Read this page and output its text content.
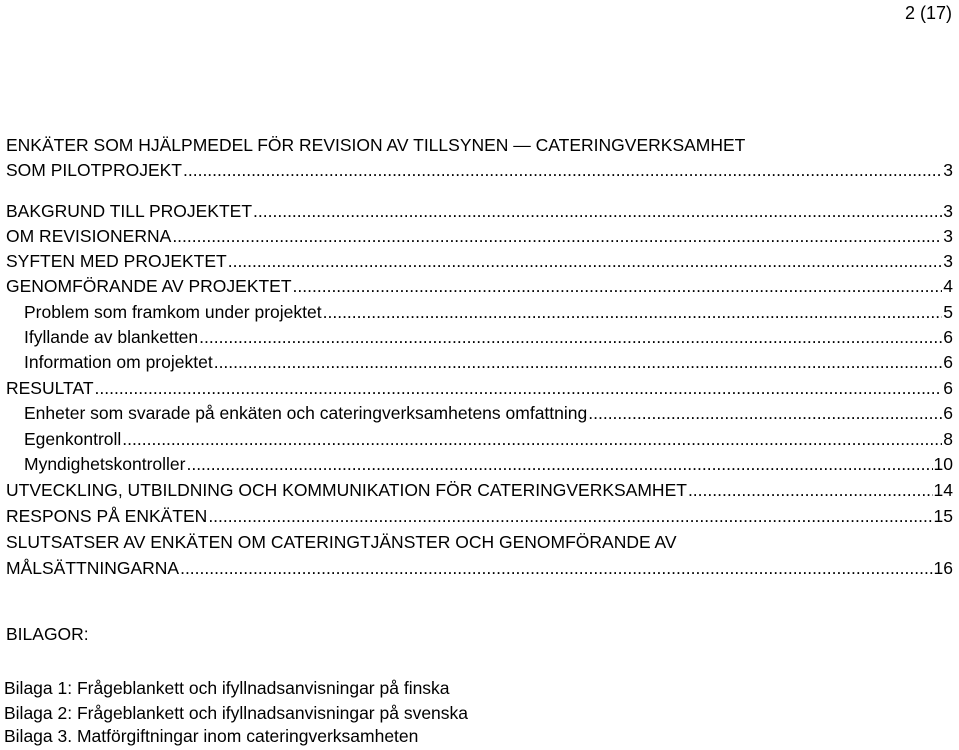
2 (17)
ENKÄTER SOM HJÄLPMEDEL FÖR REVISION AV TILLSYNEN — CATERINGVERKSAMHET
SOM PILOTPROJEKT .....	3
BAKGRUND TILL PROJEKTET .....	3
OM REVISIONERNA .....	3
SYFTEN MED PROJEKTET .....	3
GENOMFÖRANDE AV PROJEKTET .....	4
Problem som framkom under projektet .....	5
Ifyllande av blanketten .....	6
Information om projektet .....	6
RESULTAT .....	6
Enheter som svarade på enkäten och cateringverksamhetens omfattning .....	6
Egenkontroll .....	8
Myndighetskontroller .....	10
UTVECKLING, UTBILDNING OCH KOMMUNIKATION FÖR CATERINGVERKSAMHET .....	14
RESPONS PÅ ENKÄTEN .....	15
SLUTSATSER AV ENKÄTEN OM CATERINGTJÄNSTER OCH GENOMFÖRANDE AV
MÅLSÄTTNINGARNA .....	16
BILAGOR:
Bilaga 1: Frågeblankett och ifyllnadsanvisningar på finska
Bilaga 2: Frågeblankett och ifyllnadsanvisningar på svenska
Bilaga 3. Matförgiftningar inom cateringverksamheten
